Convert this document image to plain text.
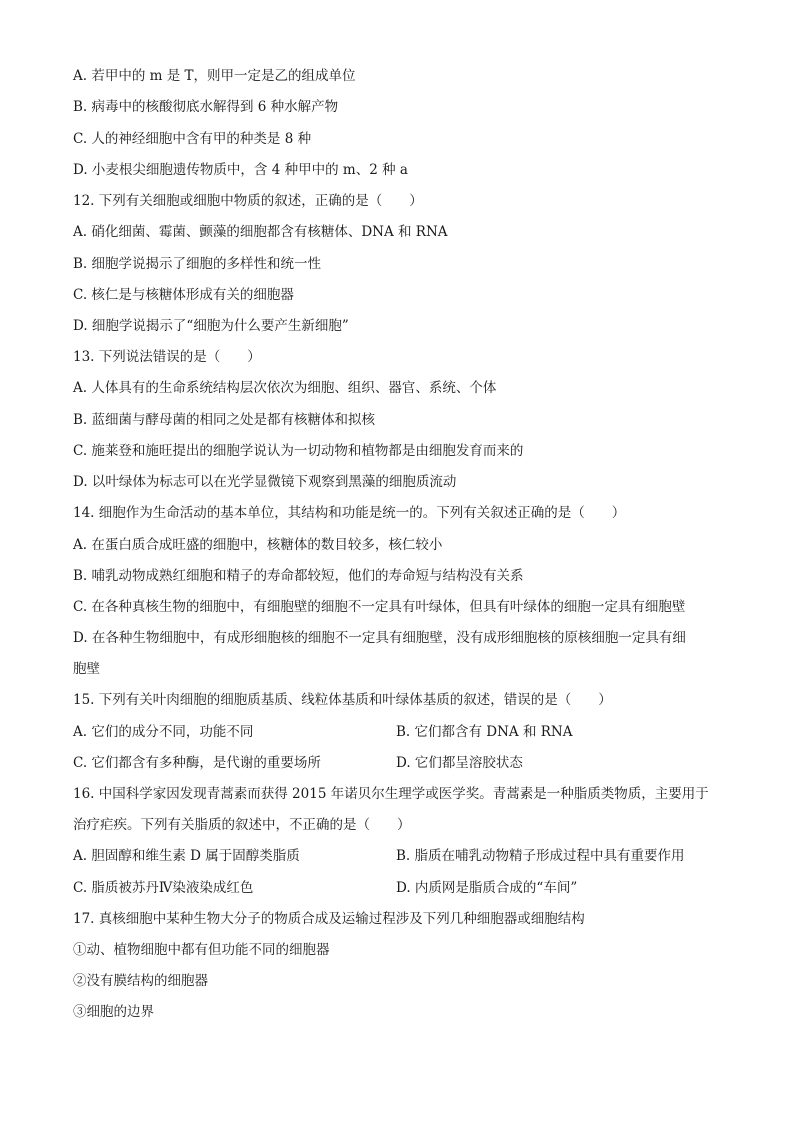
A. 若甲中的 m 是 T，则甲一定是乙的组成单位
B. 病毒中的核酸彻底水解得到 6 种水解产物
C. 人的神经细胞中含有甲的种类是 8 种
D. 小麦根尖细胞遗传物质中，含 4 种甲中的 m、2 种 a
12. 下列有关细胞或细胞中物质的叙述，正确的是（　　）
A. 硝化细菌、霉菌、颤藻的细胞都含有核糖体、DNA 和 RNA
B. 细胞学说揭示了细胞的多样性和统一性
C. 核仁是与核糖体形成有关的细胞器
D. 细胞学说揭示了“细胞为什么要产生新细胞”
13. 下列说法错误的是（　　）
A. 人体具有的生命系统结构层次依次为细胞、组织、器官、系统、个体
B. 蓝细菌与酵母菌的相同之处是都有核糖体和拟核
C. 施莱登和施旺提出的细胞学说认为一切动物和植物都是由细胞发育而来的
D. 以叶绿体为标志可以在光学显微镜下观察到黑藻的细胞质流动
14. 细胞作为生命活动的基本单位，其结构和功能是统一的。下列有关叙述正确的是（　　）
A. 在蛋白质合成旺盛的细胞中，核糖体的数目较多，核仁较小
B. 哺乳动物成熟红细胞和精子的寿命都较短，他们的寿命短与结构没有关系
C. 在各种真核生物的细胞中，有细胞壁的细胞不一定具有叶绿体，但具有叶绿体的细胞一定具有细胞壁
D. 在各种生物细胞中，有成形细胞核的细胞不一定具有细胞壁，没有成形细胞核的原核细胞一定具有细
胞壁
15. 下列有关叶肉细胞的细胞质基质、线粒体基质和叶绿体基质的叙述，错误的是（　　）
A. 它们的成分不同，功能不同	B. 它们都含有 DNA 和 RNA
C. 它们都含有多种酶，是代谢的重要场所	D. 它们都呈溶胶状态
16. 中国科学家因发现青蒿素而获得 2015 年诺贝尔生理学或医学奖。青蒿素是一种脂质类物质，主要用于
治疗疟疾。下列有关脂质的叙述中，不正确的是（　　）
A. 胆固醇和维生素 D 属于固醇类脂质	B. 脂质在哺乳动物精子形成过程中具有重要作用
C. 脂质被苏丹Ⅳ染液染成红色	D. 内质网是脂质合成的“车间”
17. 真核细胞中某种生物大分子的物质合成及运输过程涉及下列几种细胞器或细胞结构
①动、植物细胞中都有但功能不同的细胞器
②没有膜结构的细胞器
③细胞的边界
